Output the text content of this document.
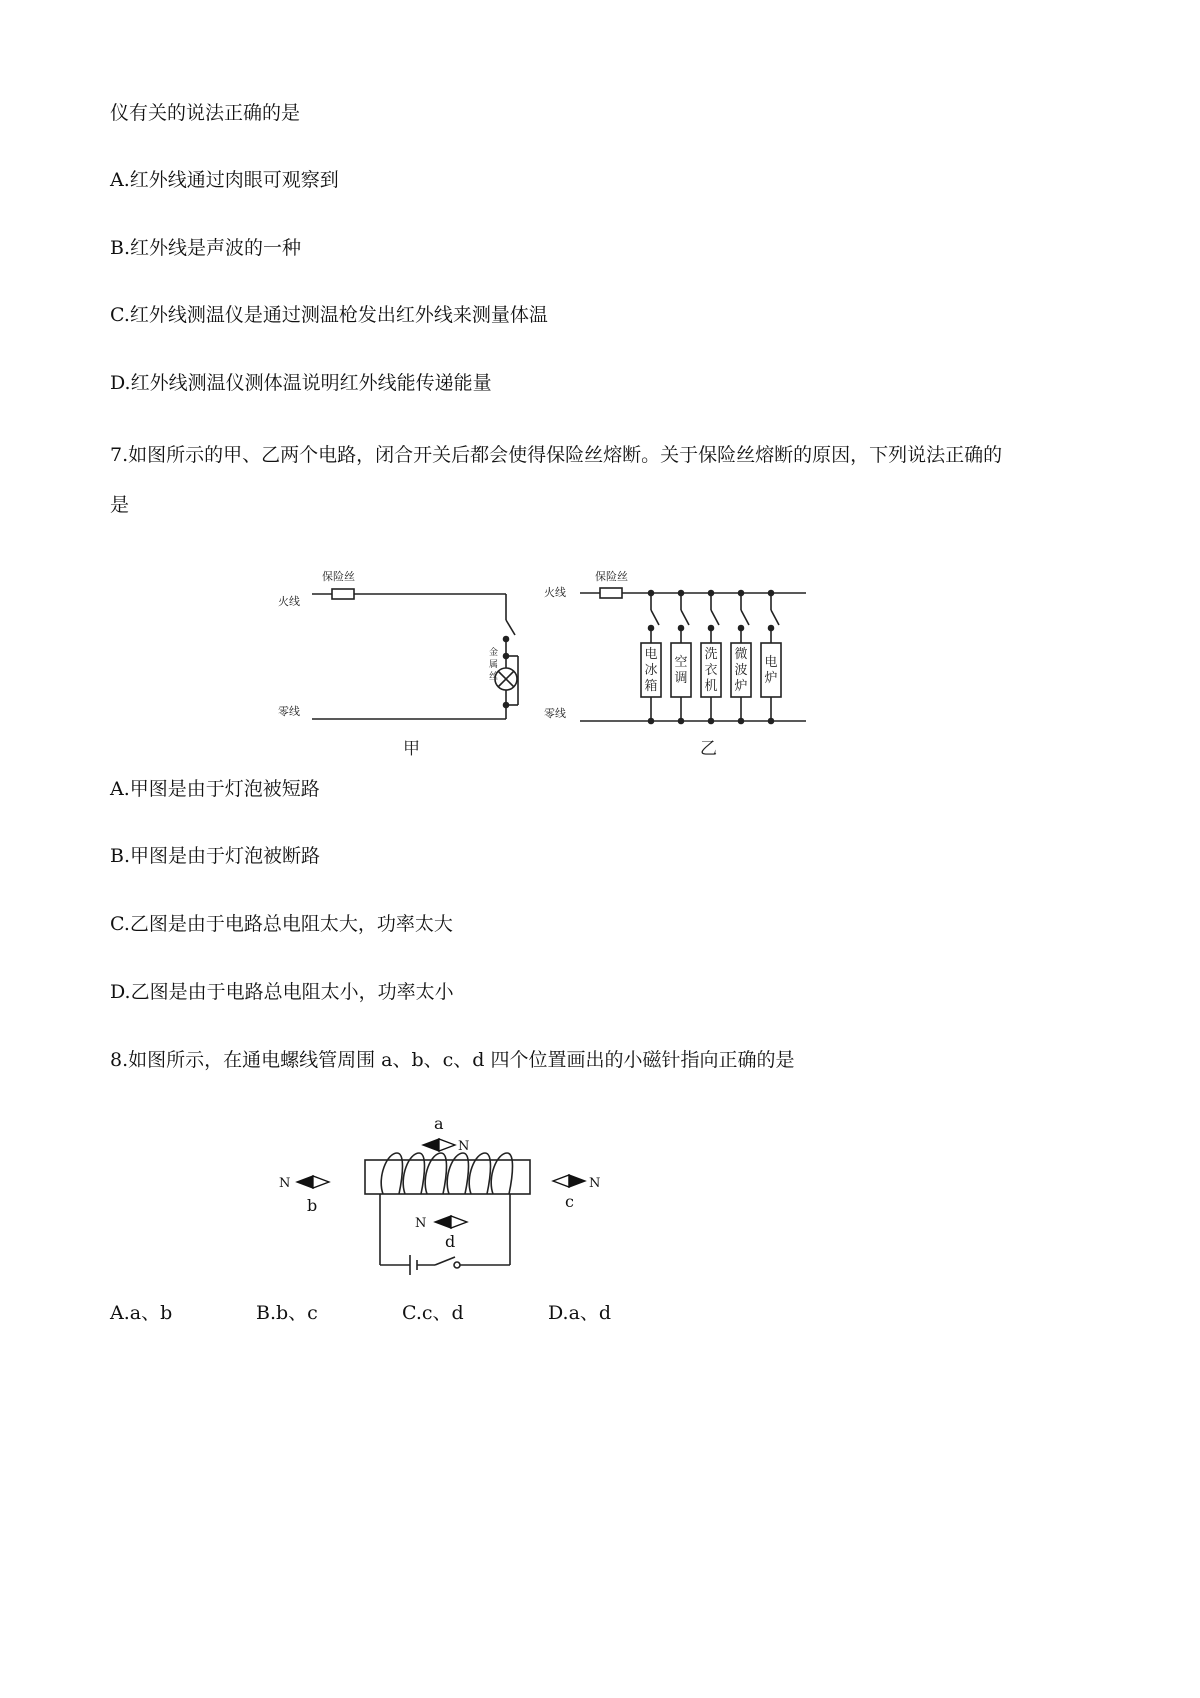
仪有关的说法正确的是
A.红外线通过肉眼可观察到
B.红外线是声波的一种
C.红外线测温仪是通过测温枪发出红外线来测量体温
D.红外线测温仪测体温说明红外线能传递能量
7.如图所示的甲、乙两个电路，闭合开关后都会使得保险丝熔断。关于保险丝熔断的原因，下列说法正确的
是
保险丝
火线
零线
保险丝
火线
零线
金
属
丝
电
冰
箱
空
调
洗
衣
机
微
波
炉
电
炉
甲	乙
A.甲图是由于灯泡被短路
B.甲图是由于灯泡被断路
C.乙图是由于电路总电阻太大，功率太大
D.乙图是由于电路总电阻太小，功率太小
8.如图所示，在通电螺线管周围 a、b、c、d 四个位置画出的小磁针指向正确的是
a
N
N
b
N
c
N
d
A.a、b	B.b、c	C.c、d	D.a、d
